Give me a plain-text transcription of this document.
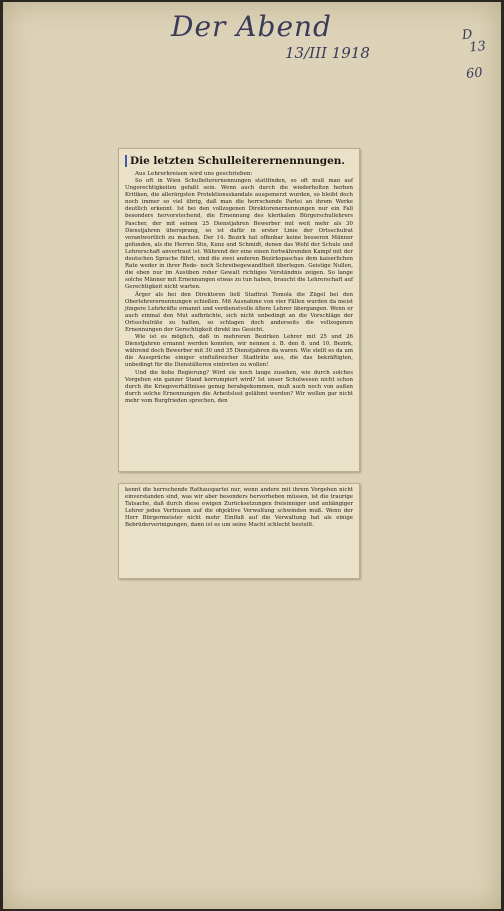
Der Abend
13/III 1918
D
13

60
Die letzten Schulleiterernennungen.
Aus Lehrerkreisen wird uns geschrieben:

So oft in Wien Schulleiterernennungen stattfinden, so oft muß man auf Ungerechtigkeiten gefaßt sein. Wenn auch durch die wiederholten herben Kritiken, die allerärgsten Protektionsskandale ausgemerzt wurden, so bleibt doch noch immer so viel übrig, daß man die herrschende Partei an ihrem Werke deutlich erkennt. Ist bei den vollzogenen Direktorenernennungen nur ein Fall besonders hervorstechend, die Ernennung des klerikalen Bürgerschullehrers Pascher, der mit seinen 25 Dienstjahren Bewerber mit weit mehr als 30 Dienstjahren übersprang, so ist dafür in erster Linie der Ortsschulrat verantwortlich zu machen. Der 14. Bezirk hat offenbar keine besseren Männer gefunden, als die Herren Stix, Kunz und Schmidt, denen das Wohl der Schule und Lehrerschaft anvertraut ist. Während der eine einen fortwährenden Kampf mit der deutschen Sprache führt, sind die zwei anderen Bezirkspaschas dem kaiserlichen Rate weder in ihrer Rede- noch Schreibegewandtheit überlegen. Geistige Nullen, die eben nur im Ausüben roher Gewalt richtiges Verständnis zeigen. So lange solche Männer mit Ernennungen etwas zu tun haben, braucht die Lehrerschaft auf Gerechtigkeit nicht warten.

Ärger als bei den Direktoren ließ Stadtrat Tomola die Zügel bei den Oberlehrerernennungen schießen. Mit Ausnahme von vier Fällen wurden da meist jüngere Lehrkräfte ernannt und verdienstvolle ältere Lehrer übergangen. Wenn er auch einmal den Mut aufbrächte, sich nicht unbedingt an die Vorschläge der Ortsschulräte zu halten, so schlagen doch anderseits die vollzogenen Ernennungen der Gerechtigkeit direkt ins Gesicht.

Wie ist es möglich, daß in mehreren Bezirken Lehrer mit 25 und 26 Dienstjahren ernannt werden konnten, wir nennen z. B. den 8. und 10. Bezirk, während doch Bewerber mit 30 und 35 Dienstjahren da waren. Wie stellt es da um die Aussprüche einiger einflußreicher Stadträte aus, die das bekräftigten, unbedingt für die Dienstälteren eintreten zu wollen!

Und die hohe Regierung? Wird sie noch lange zusehen, wie durch solches Vorgehen ein ganzer Stand korrumpiert wird? Ist unser Schulwesen nicht schon durch die Kriegsverhältnisse genug herabgekommen, muß auch noch von außen durch solche Ernennungen die Arbeitslust gelähmt werden? Wir wollen gar nicht mehr vom Burgfrieden sprechen, den

kennt die herrschende Rathauspartei nur, wenn andere mit ihrem Vorgehen nicht einverstanden sind, was wir aber besonders hervorheben müssen, ist die traurige Tatsache, daß durch diese ewigen Zurücksetzungen freisinniger und anhängiger Lehrer jedes Vertrauen auf die objektive Verwaltung schwinden muß. Wenn der Herr Bürgermeister nicht mehr Einfluß auf die Verwaltung hat als einige Bebrüderverinigungen, dann ist es um seine Macht schlecht bestellt.
